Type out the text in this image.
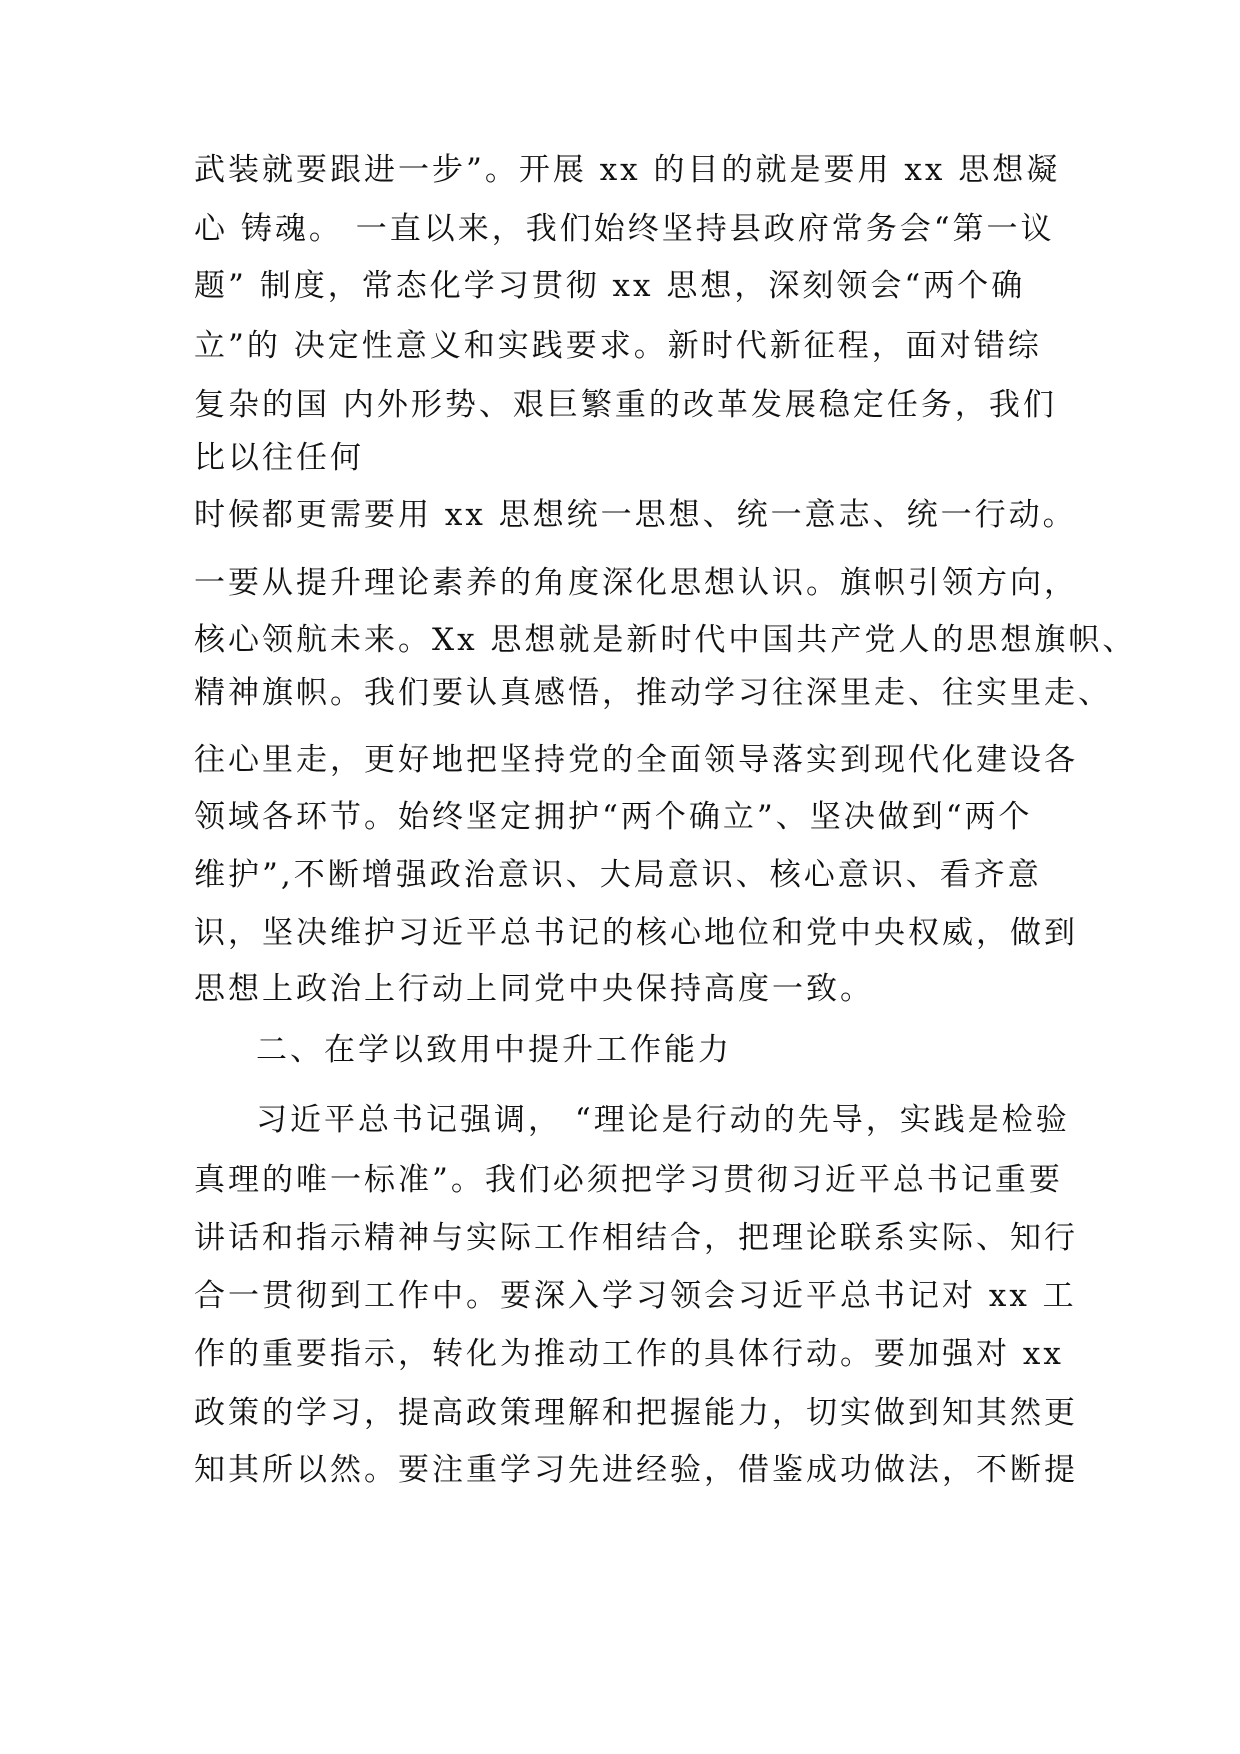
武装就要跟进一步”。开展 xx 的目的就是要用 xx 思想凝
心 铸魂。 一直以来，我们始终坚持县政府常务会“第一议
题” 制度，常态化学习贯彻 xx 思想，深刻领会“两个确
立”的 决定性意义和实践要求。新时代新征程，面对错综
复杂的国 内外形势、艰巨繁重的改革发展稳定任务，我们
比以往任何
时候都更需要用 xx 思想统一思想、统一意志、统一行动。
一要从提升理论素养的角度深化思想认识。旗帜引领方向，
核心领航未来。Xx 思想就是新时代中国共产党人的思想旗帜、
精神旗帜。我们要认真感悟，推动学习往深里走、往实里走、
往心里走，更好地把坚持党的全面领导落实到现代化建设各
领域各环节。始终坚定拥护“两个确立”、坚决做到“两个
维护”,不断增强政治意识、大局意识、核心意识、看齐意
识，坚决维护习近平总书记的核心地位和党中央权威，做到
思想上政治上行动上同党中央保持高度一致。
二、在学以致用中提升工作能力
习近平总书记强调， “理论是行动的先导，实践是检验
真理的唯一标准”。我们必须把学习贯彻习近平总书记重要
讲话和指示精神与实际工作相结合，把理论联系实际、知行
合一贯彻到工作中。要深入学习领会习近平总书记对 xx 工
作的重要指示，转化为推动工作的具体行动。要加强对 xx
政策的学习，提高政策理解和把握能力，切实做到知其然更
知其所以然。要注重学习先进经验，借鉴成功做法，不断提
